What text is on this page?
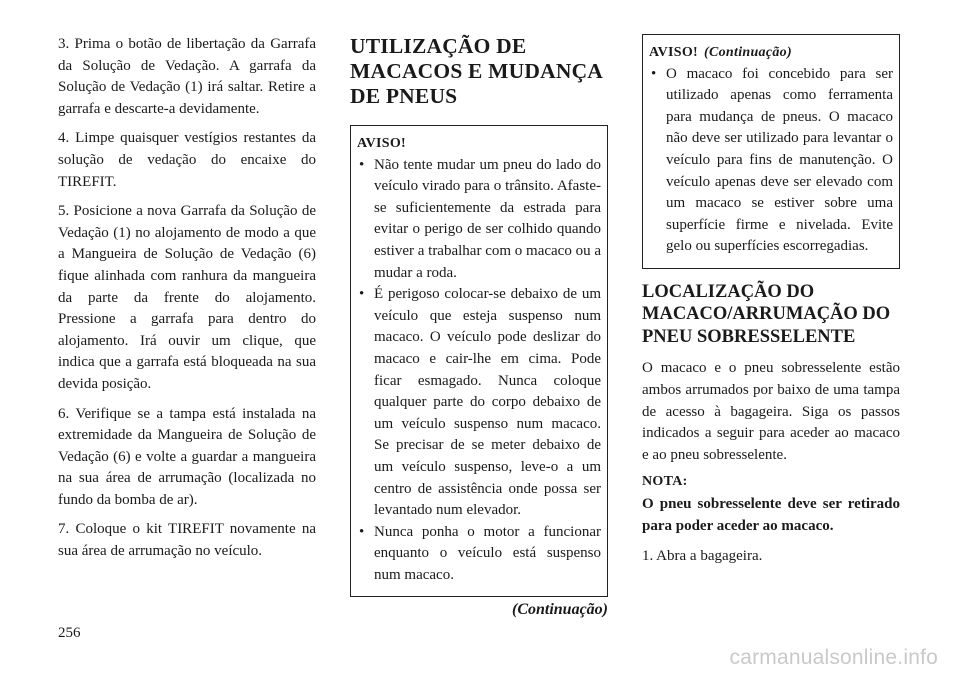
3. Prima o botão de libertação da Garrafa da Solução de Vedação. A garrafa da Solução de Vedação (1) irá saltar. Retire a garrafa e descarte-a devidamente.

4. Limpe quaisquer vestígios restantes da solução de vedação do encaixe do TIREFIT.

5. Posicione a nova Garrafa da Solução de Vedação (1) no alojamento de modo a que a Mangueira de Solução de Vedação (6) fique alinhada com ranhura da mangueira da parte da frente do alojamento. Pressione a garrafa para dentro do alojamento. Irá ouvir um clique, que indica que a garrafa está bloqueada na sua devida posição.

6. Verifique se a tampa está instalada na extremidade da Mangueira de Solução de Vedação (6) e volte a guardar a mangueira na sua área de arrumação (localizada no fundo da bomba de ar).

7. Coloque o kit TIREFIT novamente na sua área de arrumação no veículo.

UTILIZAÇÃO DE MACACOS E MUDANÇA DE PNEUS
AVISO!
• Não tente mudar um pneu do lado do veículo virado para o trânsito. Afaste-se suficientemente da estrada para evitar o perigo de ser colhido quando estiver a trabalhar com o macaco ou a mudar a roda.
• É perigoso colocar-se debaixo de um veículo que esteja suspenso num macaco. O veículo pode deslizar do macaco e cair-lhe em cima. Pode ficar esmagado. Nunca coloque qualquer parte do corpo debaixo de um veículo suspenso num macaco. Se precisar de se meter debaixo de um veículo suspenso, leve-o a um centro de assistência onde possa ser levantado num elevador.
• Nunca ponha o motor a funcionar enquanto o veículo está suspenso num macaco.
(Continuação)
AVISO! (Continuação)
• O macaco foi concebido para ser utilizado apenas como ferramenta para mudança de pneus. O macaco não deve ser utilizado para levantar o veículo para fins de manutenção. O veículo apenas deve ser elevado com um macaco se estiver sobre uma superfície firme e nivelada. Evite gelo ou superfícies escorregadias.
LOCALIZAÇÃO DO MACACO/ARRUMAÇÃO DO PNEU SOBRESSELENTE

O macaco e o pneu sobresselente estão ambos arrumados por baixo de uma tampa de acesso à bagageira. Siga os passos indicados a seguir para aceder ao macaco e ao pneu sobresselente.

NOTA:

O pneu sobresselente deve ser retirado para poder aceder ao macaco.

1. Abra a bagageira.

256
carmanualsonline.info
